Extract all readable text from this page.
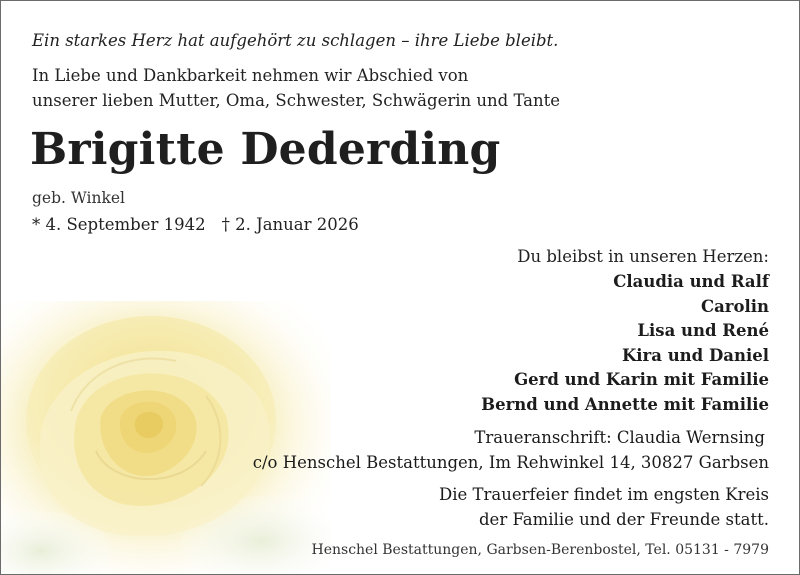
Ein starkes Herz hat aufgehört zu schlagen – ihre Liebe bleibt.
In Liebe und Dankbarkeit nehmen wir Abschied von
unserer lieben Mutter, Oma, Schwester, Schwägerin und Tante
Brigitte Dederding
geb. Winkel
* 4. September 1942 † 2. Januar 2026
Du bleibst in unseren Herzen:
Claudia und Ralf
Carolin
Lisa und René
Kira und Daniel
Gerd und Karin mit Familie
Bernd und Annette mit Familie
Traueranschrift: Claudia Wernsing
c/o Henschel Bestattungen, Im Rehwinkel 14, 30827 Garbsen
Die Trauerfeier findet im engsten Kreis
der Familie und der Freunde statt.
Henschel Bestattungen, Garbsen-Berenbostel, Tel. 05131 - 7979
